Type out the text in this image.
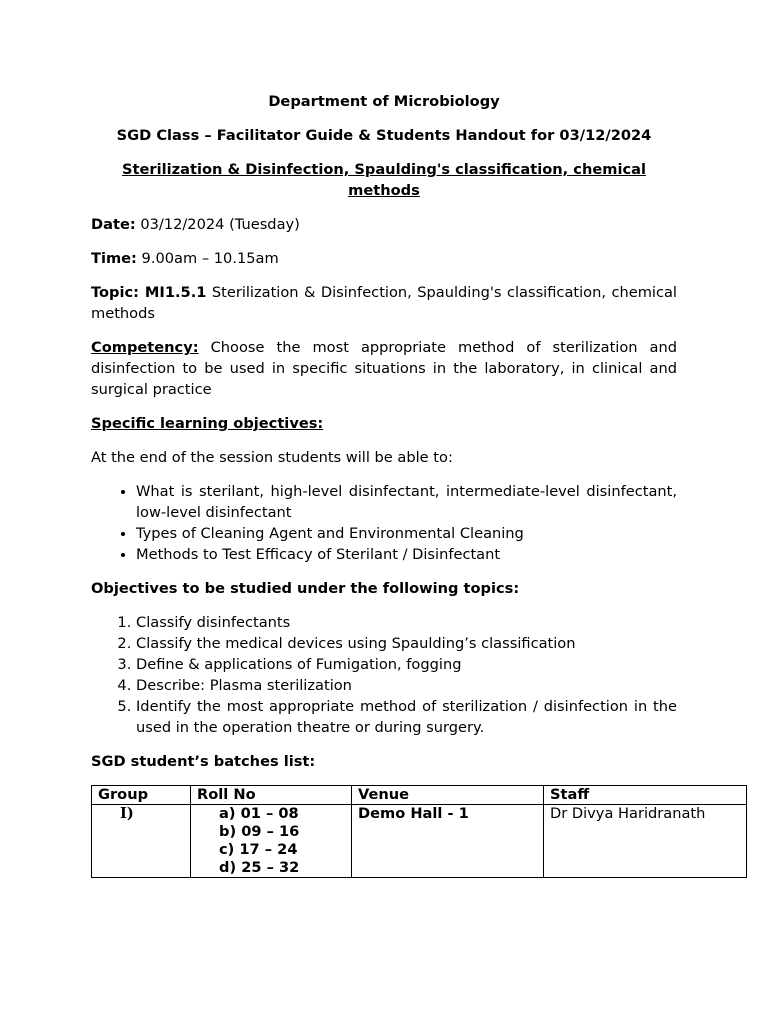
Department of Microbiology
SGD Class – Facilitator Guide & Students Handout for 03/12/2024
Sterilization & Disinfection, Spaulding's classification, chemical methods

Date: 03/12/2024 (Tuesday)

Time: 9.00am – 10.15am

Topic: MI1.5.1 Sterilization & Disinfection, Spaulding's classification, chemical methods

Competency: Choose the most appropriate method of sterilization and disinfection to be used in specific situations in the laboratory, in clinical and surgical practice

Specific learning objectives:

At the end of the session students will be able to:

• What is sterilant, high-level disinfectant, intermediate-level disinfectant, low-level disinfectant
• Types of Cleaning Agent and Environmental Cleaning
• Methods to Test Efficacy of Sterilant / Disinfectant

Objectives to be studied under the following topics:

1. Classify disinfectants
2. Classify the medical devices using Spaulding’s classification
3. Define & applications of Fumigation, fogging
4. Describe: Plasma sterilization
5. Identify the most appropriate method of sterilization / disinfection in the used in the operation theatre or during surgery.

SGD student’s batches list:

Group	Roll No	Venue	Staff
I)	a) 01 – 08
b) 09 – 16
c) 17 – 24
d) 25 – 32	Demo Hall - 1	Dr Divya Haridranath
